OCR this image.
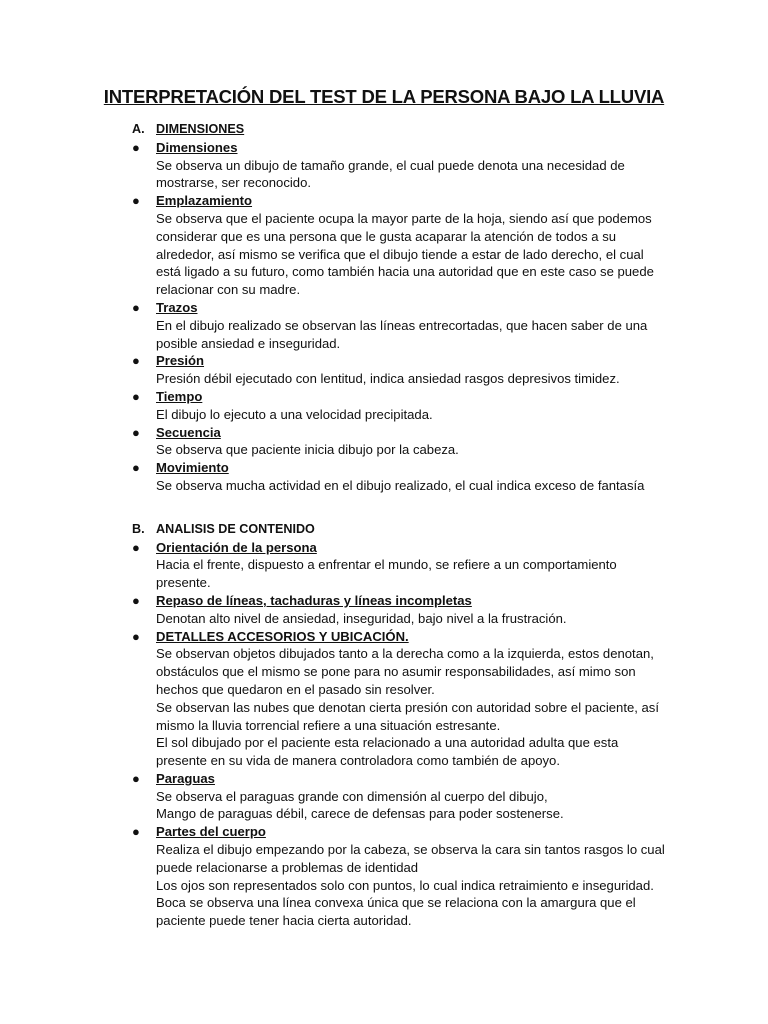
INTERPRETACIÓN DEL TEST DE LA PERSONA BAJO LA LLUVIA
A. DIMENSIONES
● Dimensiones
Se observa un dibujo de tamaño grande, el cual puede denota una necesidad de
mostrarse, ser reconocido.
● Emplazamiento
Se observa que el paciente ocupa la mayor parte de la hoja, siendo así que podemos
considerar que es una persona que le gusta acaparar la atención de todos a su
alrededor, así mismo se verifica que el dibujo tiende a estar de lado derecho, el cual
está ligado a su futuro, como también hacia una autoridad que en este caso se puede
relacionar con su madre.
● Trazos
En el dibujo realizado se observan las líneas entrecortadas, que hacen saber de una
posible ansiedad e inseguridad.
● Presión
Presión débil ejecutado con lentitud, indica ansiedad rasgos depresivos timidez.
● Tiempo
El dibujo lo ejecuto a una velocidad precipitada.
● Secuencia
Se observa que paciente inicia dibujo por la cabeza.
● Movimiento
Se observa mucha actividad en el dibujo realizado, el cual indica exceso de fantasía
B. ANALISIS DE CONTENIDO
● Orientación de la persona
Hacia el frente, dispuesto a enfrentar el mundo, se refiere a un comportamiento
presente.
● Repaso de líneas, tachaduras y líneas incompletas
Denotan alto nivel de ansiedad, inseguridad, bajo nivel a la frustración.
● DETALLES ACCESORIOS Y UBICACIÓN.
Se observan objetos dibujados tanto a la derecha como a la izquierda, estos denotan,
obstáculos que el mismo se pone para no asumir responsabilidades, así mimo son
hechos que quedaron en el pasado sin resolver.
Se observan las nubes que denotan cierta presión con autoridad sobre el paciente, así
mismo la lluvia torrencial refiere a una situación estresante.
El sol dibujado por el paciente esta relacionado a una autoridad adulta que esta
presente en su vida de manera controladora como también de apoyo.
● Paraguas
Se observa el paraguas grande con dimensión al cuerpo del dibujo,
Mango de paraguas débil, carece de defensas para poder sostenerse.
● Partes del cuerpo
Realiza el dibujo empezando por la cabeza, se observa la cara sin tantos rasgos lo cual
puede relacionarse a problemas de identidad
Los ojos son representados solo con puntos, lo cual indica retraimiento e inseguridad.
Boca se observa una línea convexa única que se relaciona con la amargura que el
paciente puede tener hacia cierta autoridad.
